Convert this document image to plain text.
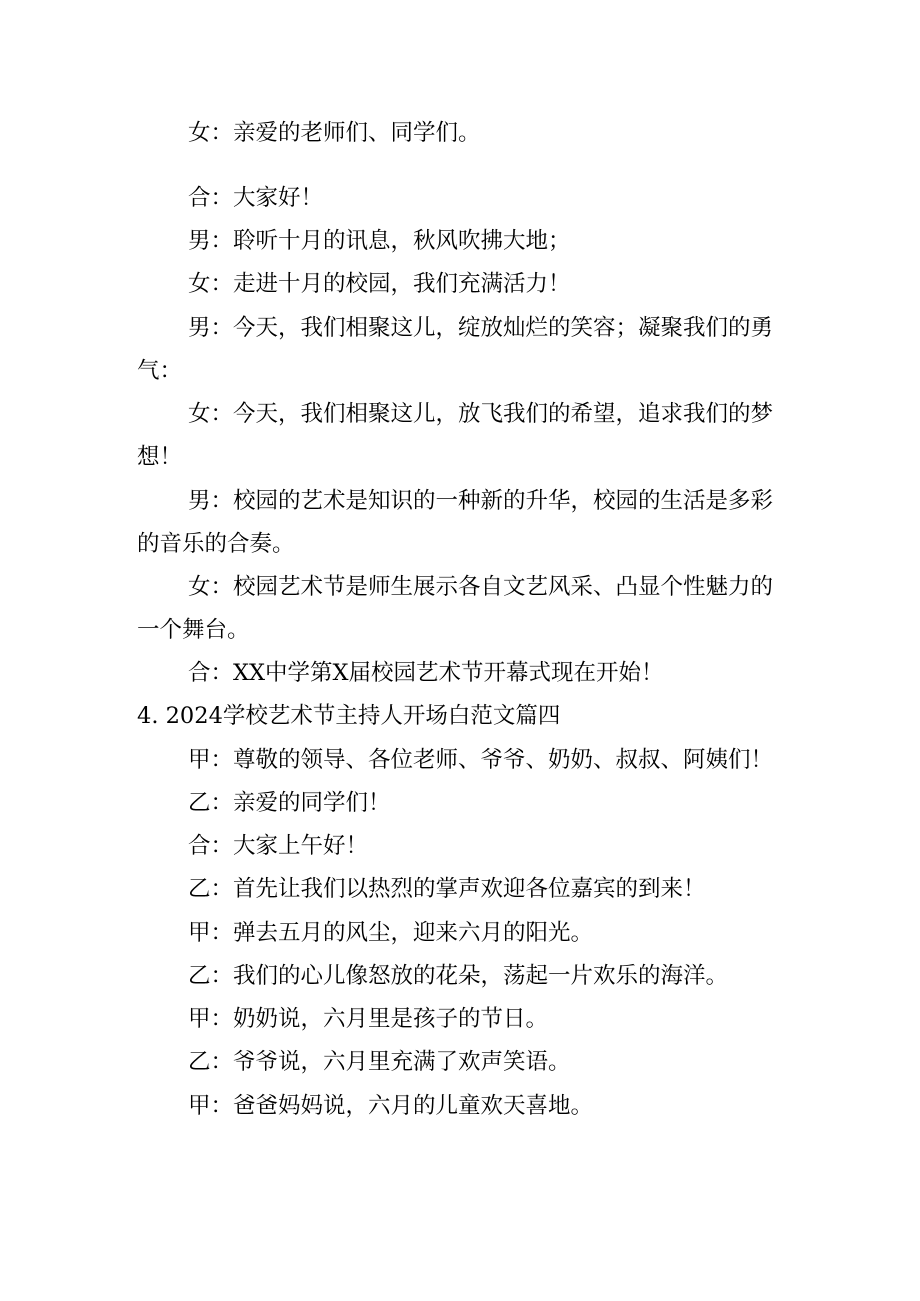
女：亲爱的老师们、同学们。
合：大家好！
男：聆听十月的讯息，秋风吹拂大地；
女：走进十月的校园，我们充满活力！
男：今天，我们相聚这儿，绽放灿烂的笑容；凝聚我们的勇
气：
女：今天，我们相聚这儿，放飞我们的希望，追求我们的梦
想！
男：校园的艺术是知识的一种新的升华，校园的生活是多彩
的音乐的合奏。
女：校园艺术节是师生展示各自文艺风采、凸显个性魅力的
一个舞台。
合：XX中学第X届校园艺术节开幕式现在开始！
4. 2024学校艺术节主持人开场白范文篇四
甲：尊敬的领导、各位老师、爷爷、奶奶、叔叔、阿姨们！
乙：亲爱的同学们！
合：大家上午好！
乙：首先让我们以热烈的掌声欢迎各位嘉宾的到来！
甲：弹去五月的风尘，迎来六月的阳光。
乙：我们的心儿像怒放的花朵，荡起一片欢乐的海洋。
甲：奶奶说，六月里是孩子的节日。
乙：爷爷说，六月里充满了欢声笑语。
甲：爸爸妈妈说，六月的儿童欢天喜地。
